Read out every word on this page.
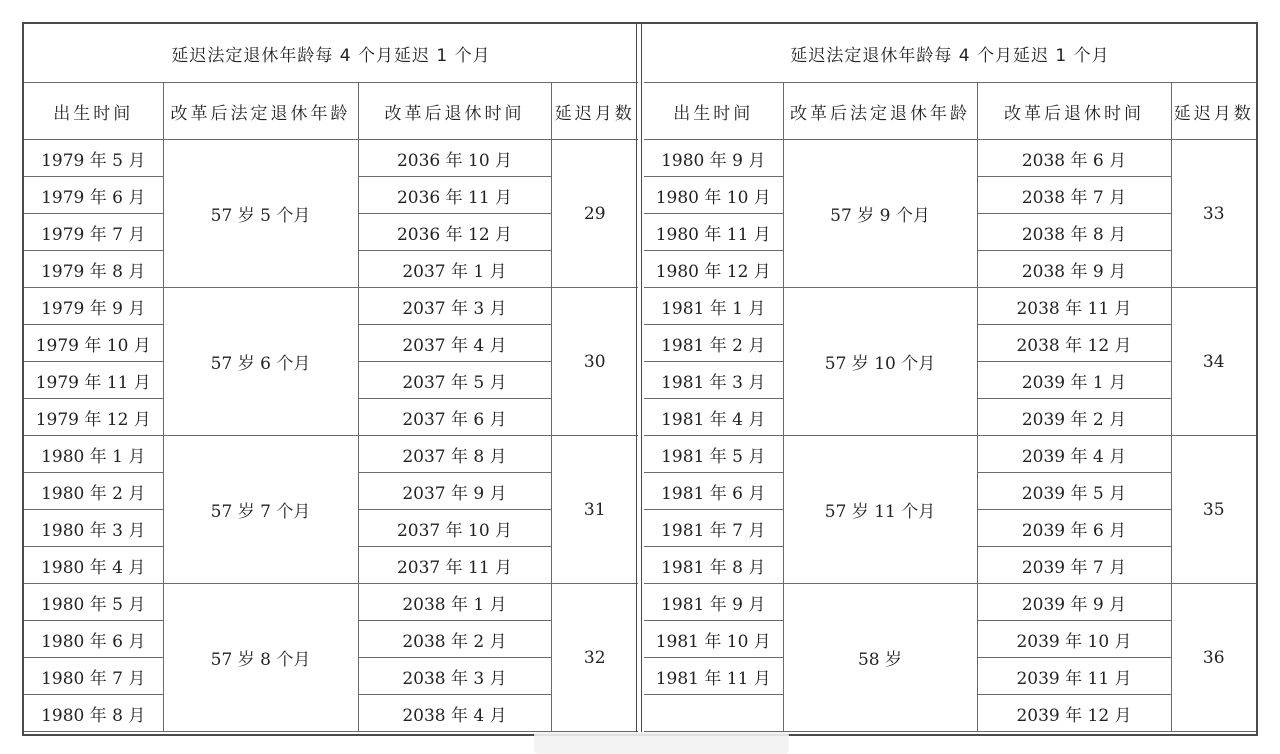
延迟法定退休年龄每 4 个月延迟 1 个月			
出生时间	改革后法定退休年龄	改革后退休时间	延迟月数
1979 年 5 月	57 岁 5 个月	2036 年 10 月	29
1979 年 6 月		2036 年 11 月	
1979 年 7 月		2036 年 12 月	
1979 年 8 月		2037 年 1 月	
1979 年 9 月	57 岁 6 个月	2037 年 3 月	30
1979 年 10 月		2037 年 4 月	
1979 年 11 月		2037 年 5 月	
1979 年 12 月		2037 年 6 月	
1980 年 1 月	57 岁 7 个月	2037 年 8 月	31
1980 年 2 月		2037 年 9 月	
1980 年 3 月		2037 年 10 月	
1980 年 4 月		2037 年 11 月	
1980 年 5 月	57 岁 8 个月	2038 年 1 月	32
1980 年 6 月		2038 年 2 月	
1980 年 7 月		2038 年 3 月	
1980 年 8 月		2038 年 4 月	
延迟法定退休年龄每 4 个月延迟 1 个月			
出生时间	改革后法定退休年龄	改革后退休时间	延迟月数
1980 年 9 月	57 岁 9 个月	2038 年 6 月	33
1980 年 10 月		2038 年 7 月	
1980 年 11 月		2038 年 8 月	
1980 年 12 月		2038 年 9 月	
1981 年 1 月	57 岁 10 个月	2038 年 11 月	34
1981 年 2 月		2038 年 12 月	
1981 年 3 月		2039 年 1 月	
1981 年 4 月		2039 年 2 月	
1981 年 5 月	57 岁 11 个月	2039 年 4 月	35
1981 年 6 月		2039 年 5 月	
1981 年 7 月		2039 年 6 月	
1981 年 8 月		2039 年 7 月	
1981 年 9 月	58 岁	2039 年 9 月	36
1981 年 10 月		2039 年 10 月	
1981 年 11 月		2039 年 11 月	
		2039 年 12 月	
